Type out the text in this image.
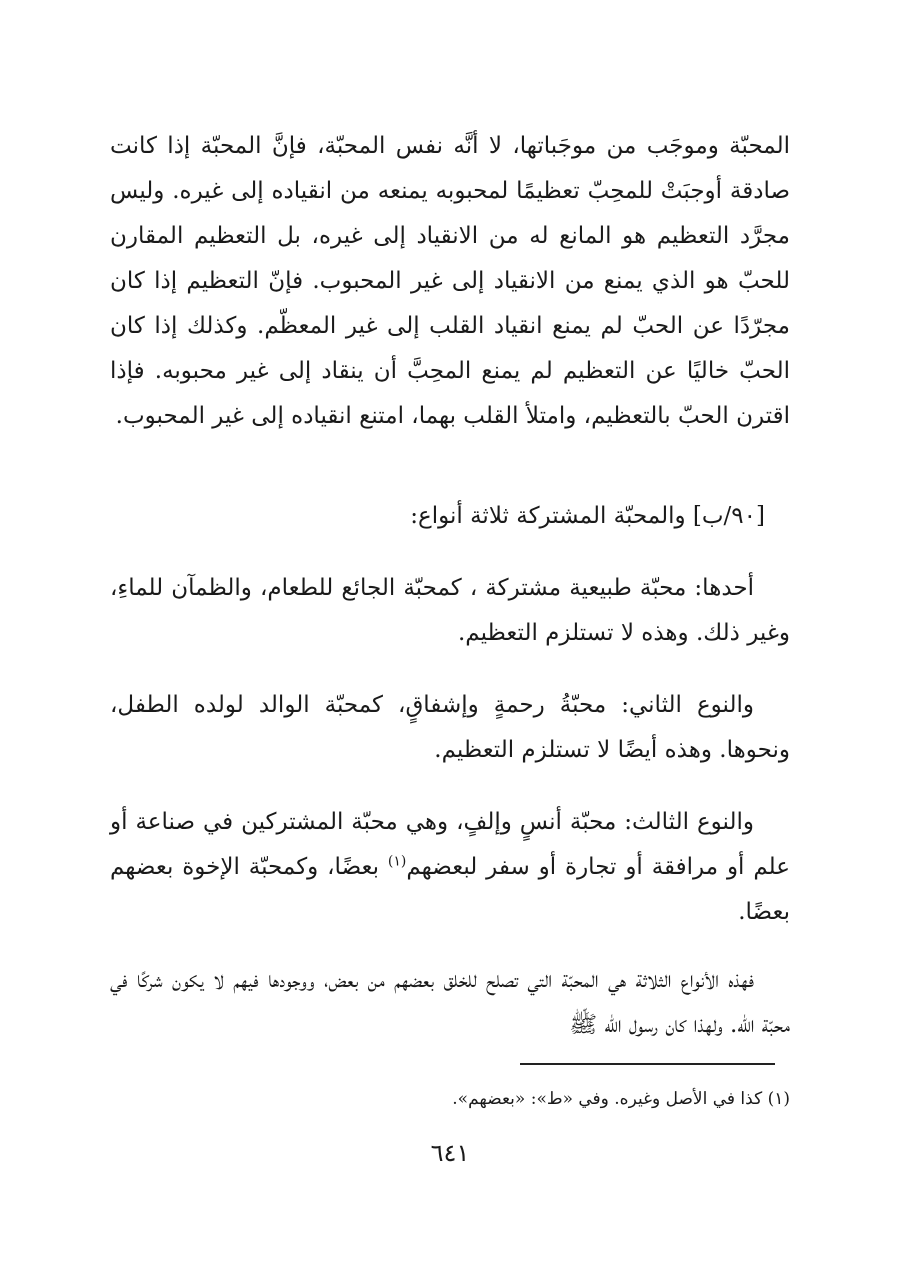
المحبّة وموجَب من موجَباتها، لا أنَّه نفس المحبّة، فإنَّ المحبّة إذا كانت صادقة أوجبَتْ للمحِبّ تعظيمًا لمحبوبه يمنعه من انقياده إلى غيره. وليس مجرَّد التعظيم هو المانع له من الانقياد إلى غيره، بل التعظيم المقارن للحبّ هو الذي يمنع من الانقياد إلى غير المحبوب. فإنّ التعظيم إذا كان مجرّدًا عن الحبّ لم يمنع انقياد القلب إلى غير المعظّم. وكذلك إذا كان الحبّ خاليًا عن التعظيم لم يمنع المحِبَّ أن ينقاد إلى غير محبوبه. فإذا اقترن الحبّ بالتعظيم، وامتلأ القلب بهما، امتنع انقياده إلى غير المحبوب.

[٩٠/ب] والمحبّة المشتركة ثلاثة أنواع:

أحدها: محبّة طبيعية مشتركة ، كمحبّة الجائع للطعام، والظمآن للماءِ، وغير ذلك. وهذه لا تستلزم التعظيم.

والنوع الثاني: محبّةُ رحمةٍ وإشفاقٍ، كمحبّة الوالد لولده الطفل، ونحوها. وهذه أيضًا لا تستلزم التعظيم.

والنوع الثالث: محبّة أنسٍ وإلفٍ، وهي محبّة المشتركين في صناعة أو علم أو مرافقة أو تجارة أو سفر لبعضهم$^{(١)}$ بعضًا، وكمحبّة الإخوة بعضهم بعضًا.

فهذه الأنواع الثلاثة هي المحبّة التي تصلح للخلق بعضهم من بعض، ووجودها فيهم لا يكون شركًا في محبّة الله. ولهذا كان رسول الله ﷺ

(١) كذا في الأصل وغيره. وفي «ط»: «بعضهم».
٦٤١
